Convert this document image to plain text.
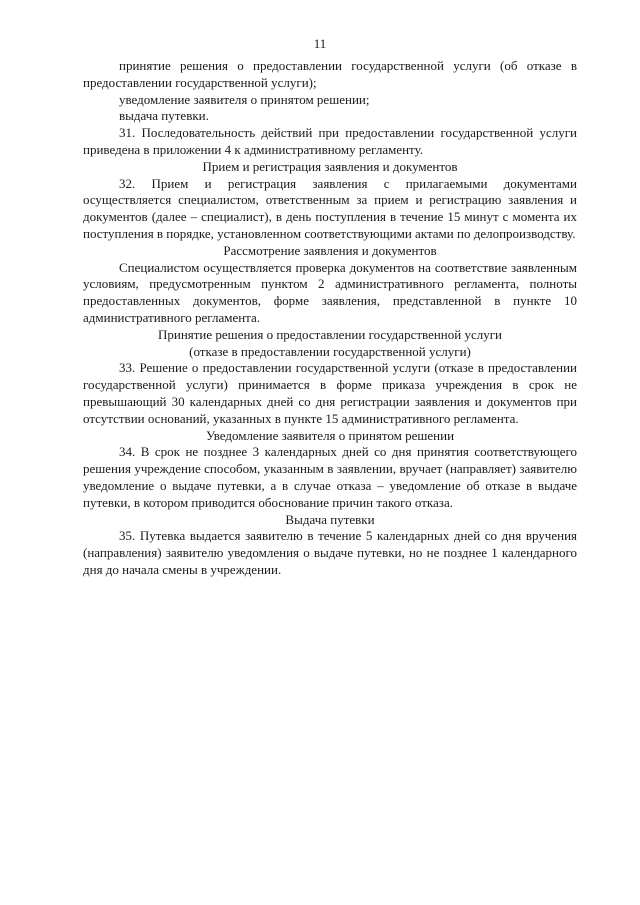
11

принятие решения о предоставлении государственной услуги (об отказе в предоставлении государственной услуги);

уведомление заявителя о принятом решении;

выдача путевки.

31. Последовательность действий при предоставлении государственной услуги приведена в приложении 4 к административному регламенту.

Прием и регистрация заявления и документов

32. Прием и регистрация заявления с прилагаемыми документами осуществляется специалистом, ответственным за прием и регистрацию заявления и документов (далее – специалист), в день поступления в течение 15 минут с момента их поступления в порядке, установленном соответствующими актами по делопроизводству.

Рассмотрение заявления и документов

Специалистом осуществляется проверка документов на соответствие заявленным условиям, предусмотренным пунктом 2 административного регламента, полноты предоставленных документов, форме заявления, представленной в пункте 10 административного регламента.

Принятие решения о предоставлении государственной услуги
(отказе в предоставлении государственной услуги)

33. Решение о предоставлении государственной услуги (отказе в предоставлении государственной услуги) принимается в форме приказа учреждения в срок не превышающий 30 календарных дней со дня регистрации заявления и документов при отсутствии оснований, указанных в пункте 15 административного регламента.

Уведомление заявителя о принятом решении

34. В срок не позднее 3 календарных дней со дня принятия соответствующего решения учреждение способом, указанным в заявлении, вручает (направляет) заявителю уведомление о выдаче путевки, а в случае отказа – уведомление об отказе в выдаче путевки, в котором приводится обоснование причин такого отказа.

Выдача путевки

35. Путевка выдается заявителю в течение 5 календарных дней со дня вручения (направления) заявителю уведомления о выдаче путевки, но не позднее 1 календарного дня до начала смены в учреждении.
